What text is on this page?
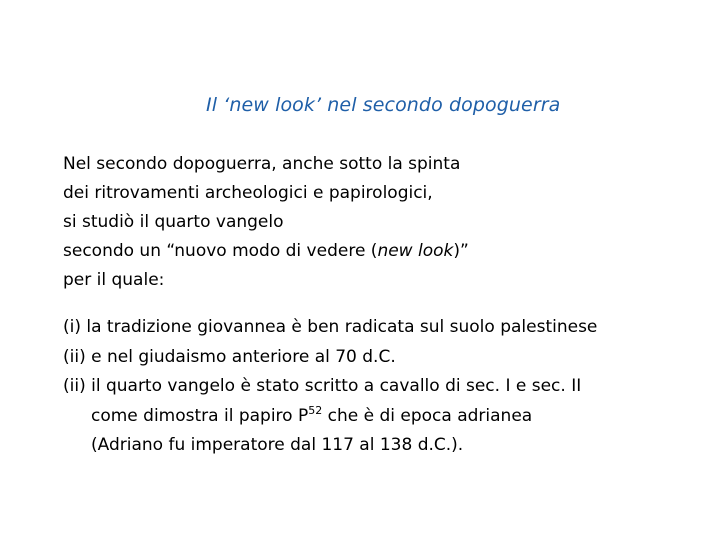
Il ‘new look’ nel secondo dopoguerra

Nel secondo dopoguerra, anche sotto la spinta
dei ritrovamenti archeologici e papirologici,
si studiò il quarto vangelo
secondo un “nuovo modo di vedere (new look)”
per il quale:

(i) la tradizione giovannea è ben radicata sul suolo palestinese
(ii) e nel giudaismo anteriore al 70 d.C.
(ii) il quarto vangelo è stato scritto a cavallo di sec. I e sec. II
come dimostra il papiro $P^{52}$ che è di epoca adrianea
(Adriano fu imperatore dal 117 al 138 d.C.).
